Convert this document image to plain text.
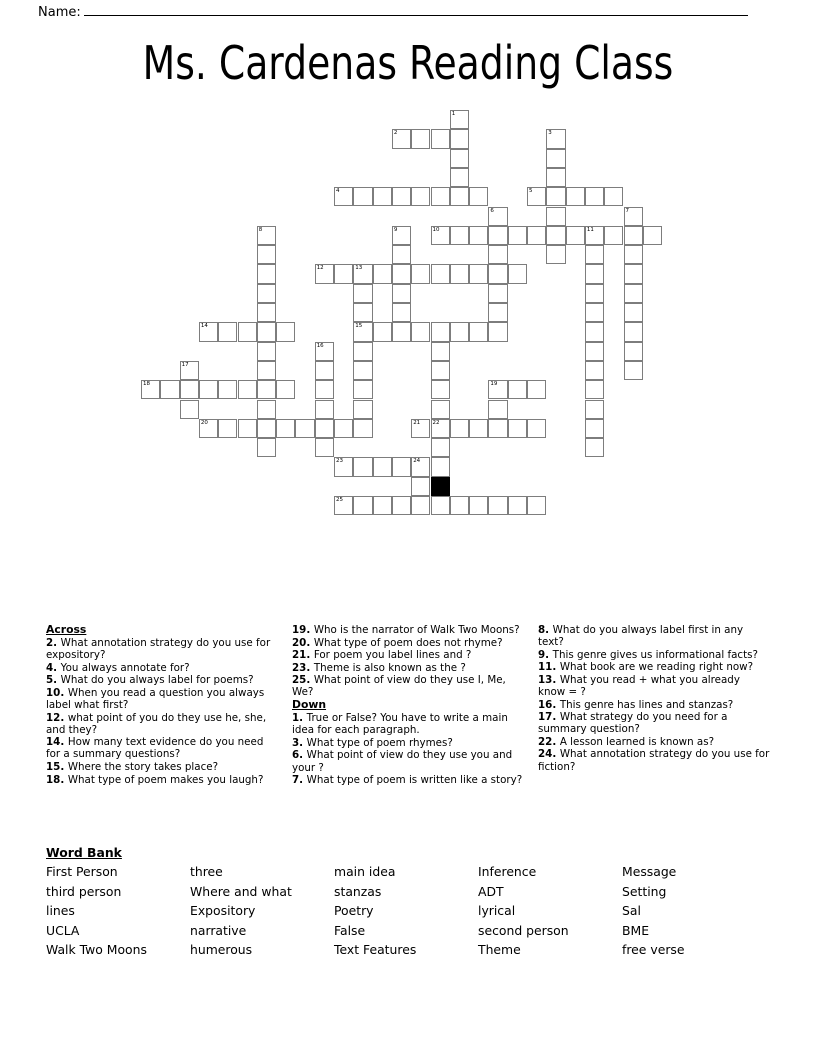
Name:
Ms. Cardenas Reading Class
1
2	3
4	5
6	7
8	9	10	11
12	13
14	15
16
17
18	19
20	21 22
23	24
25
Across
2. What annotation strategy do you use for expository?
4. You always annotate for?
5. What do you always label for poems?
10. When you read a question you always label what first?
12. what point of you do they use he, she, and they?
14. How many text evidence do you need for a summary questions?
15. Where the story takes place?
18. What type of poem makes you laugh?
19. Who is the narrator of Walk Two Moons?
20. What type of poem does not rhyme?
21. For poem you label lines and ?
23. Theme is also known as the ?
25. What point of view do they use I, Me, We?
Down
1. True or False? You have to write a main idea for each paragraph.
3. What type of poem rhymes?
6. What point of view do they use you and your ?
7. What type of poem is written like a story?
8. What do you always label first in any text?
9. This genre gives us informational facts?
11. What book are we reading right now?
13. What you read + what you already know = ?
16. This genre has lines and stanzas?
17. What strategy do you need for a summary question?
22. A lesson learned is known as?
24. What annotation strategy do you use for fiction?
Word Bank
First Person	three	main idea	Inference	Message
third person	Where and what	stanzas	ADT	Setting
lines	Expository	Poetry	lyrical	Sal
UCLA	narrative	False	second person	BME
Walk Two Moons	humerous	Text Features	Theme	free verse
